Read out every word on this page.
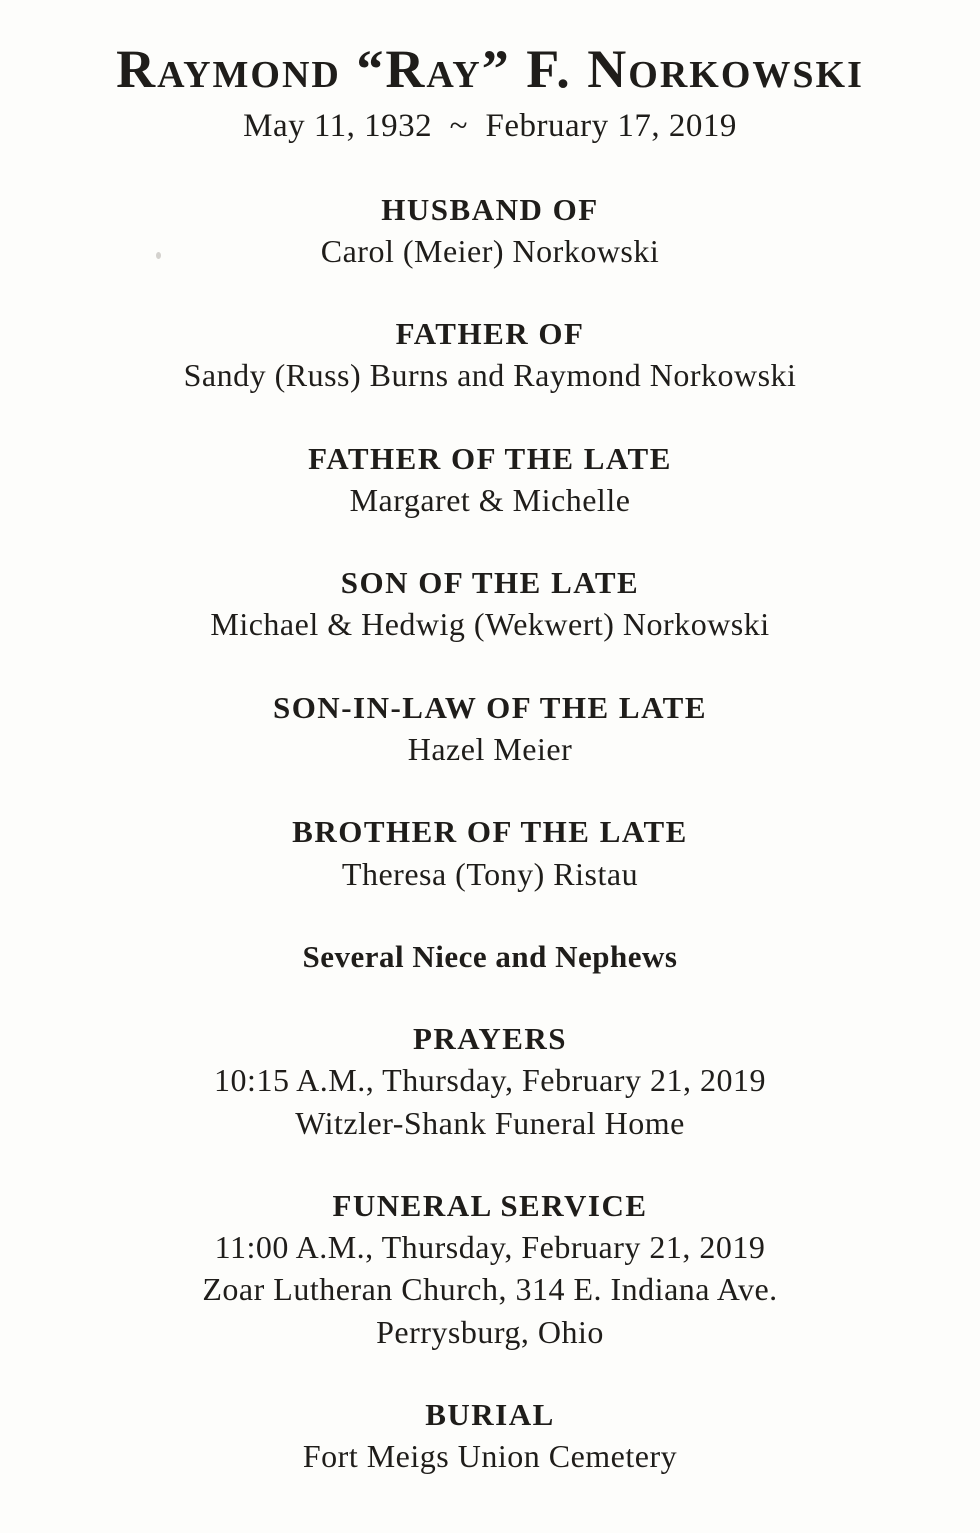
Raymond “Ray” F. Norkowski
May 11, 1932  ~  February 17, 2019
HUSBAND OF
Carol (Meier) Norkowski
FATHER OF
Sandy (Russ) Burns and Raymond Norkowski
FATHER OF THE LATE
Margaret & Michelle
SON OF THE LATE
Michael & Hedwig (Wekwert) Norkowski
SON-IN-LAW OF THE LATE
Hazel Meier
BROTHER OF THE LATE
Theresa (Tony) Ristau
Several Niece and Nephews
PRAYERS
10:15 A.M., Thursday, February 21, 2019
Witzler-Shank Funeral Home
FUNERAL SERVICE
11:00 A.M., Thursday, February 21, 2019
Zoar Lutheran Church, 314 E. Indiana Ave.
Perrysburg, Ohio
BURIAL
Fort Meigs Union Cemetery
